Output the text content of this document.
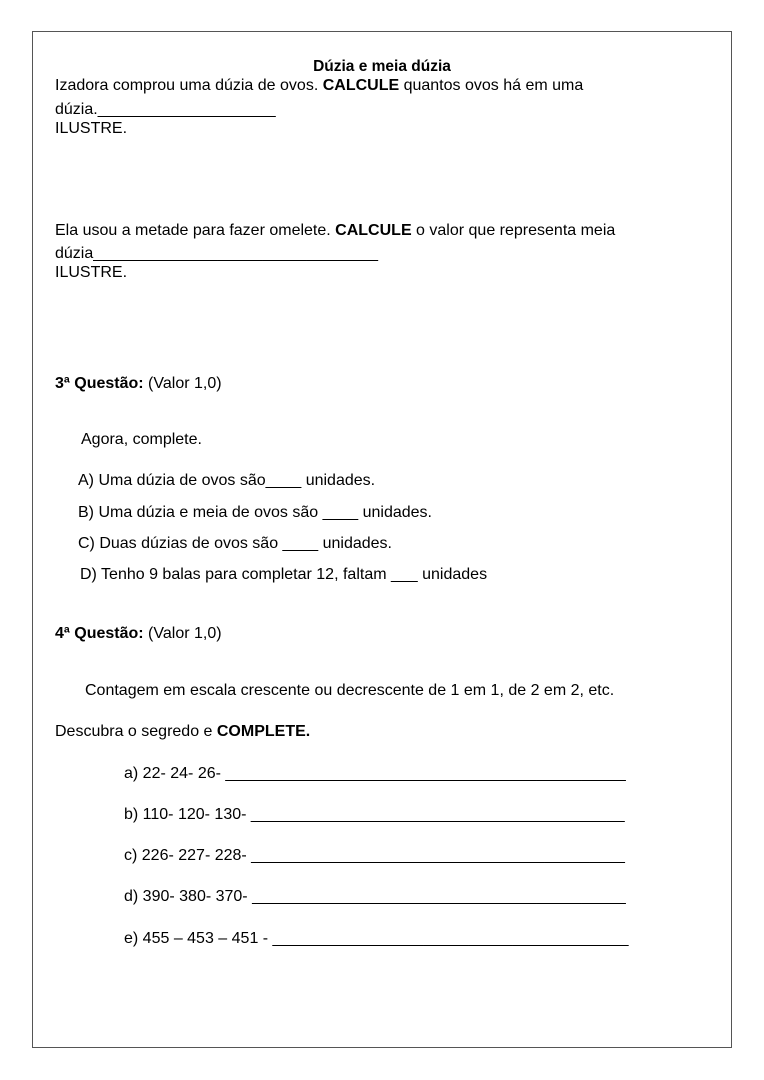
Dúzia e meia dúzia
Izadora comprou uma dúzia de ovos. CALCULE quantos ovos há em uma
dúzia.____________________
ILUSTRE.
Ela usou a metade para fazer omelete. CALCULE o valor que representa meia
dúzia________________________________
ILUSTRE.
3ª Questão: (Valor 1,0)
Agora, complete.
A) Uma dúzia de ovos são____ unidades.
B) Uma dúzia e meia de ovos são ____ unidades.
C) Duas dúzias de ovos são ____ unidades.
D) Tenho 9 balas para completar 12, faltam ___ unidades
4ª Questão: (Valor 1,0)
Contagem em escala crescente ou decrescente de 1 em 1, de 2 em 2, etc.
Descubra o segredo e COMPLETE.
a) 22- 24- 26- _____________________________________________
b) 110- 120- 130- __________________________________________
c) 226- 227- 228- __________________________________________
d) 390- 380- 370- __________________________________________
e) 455 – 453 – 451 - ________________________________________
